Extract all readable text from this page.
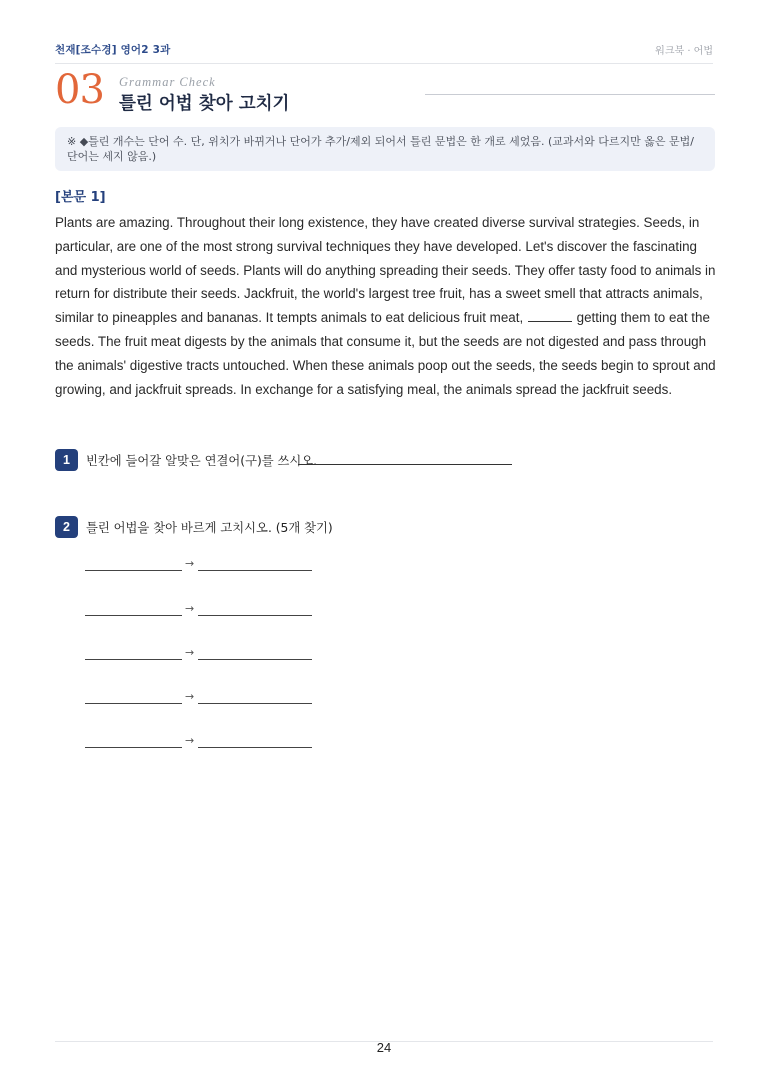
천재[조수경] 영어2 3과	워크북 · 어법
03 Grammar Check
틀린 어법 찾아 고치기
※ ◆틀린 개수는 단어 수. 단, 위치가 바뀌거나 단어가 추가/제외 되어서 틀린 문법은 한 개로 세었음. (교과서와 다르지만 옳은 문법/단어는 세지 않음.)
[본문 1]
Plants are amazing. Throughout their long existence, they have created diverse survival strategies. Seeds, in particular, are one of the most strong survival techniques they have developed. Let's discover the fascinating and mysterious world of seeds. Plants will do anything spreading their seeds. They offer tasty food to animals in return for distribute their seeds. Jackfruit, the world's largest tree fruit, has a sweet smell that attracts animals, similar to pineapples and bananas. It tempts animals to eat delicious fruit meat,	getting them to eat the seeds. The fruit meat digests by the animals that consume it, but the seeds are not digested and pass through the animals' digestive tracts untouched. When these animals poop out the seeds, the seeds begin to sprout and growing, and jackfruit spreads. In exchange for a satisfying meal, the animals spread the jackfruit seeds.
1	빈칸에 들어갈 알맞은 연결어(구)를 쓰시오.
2	틀린 어법을 찾아 바르게 고치시오. (5개 찾기)
→
→
→
→
→
24
